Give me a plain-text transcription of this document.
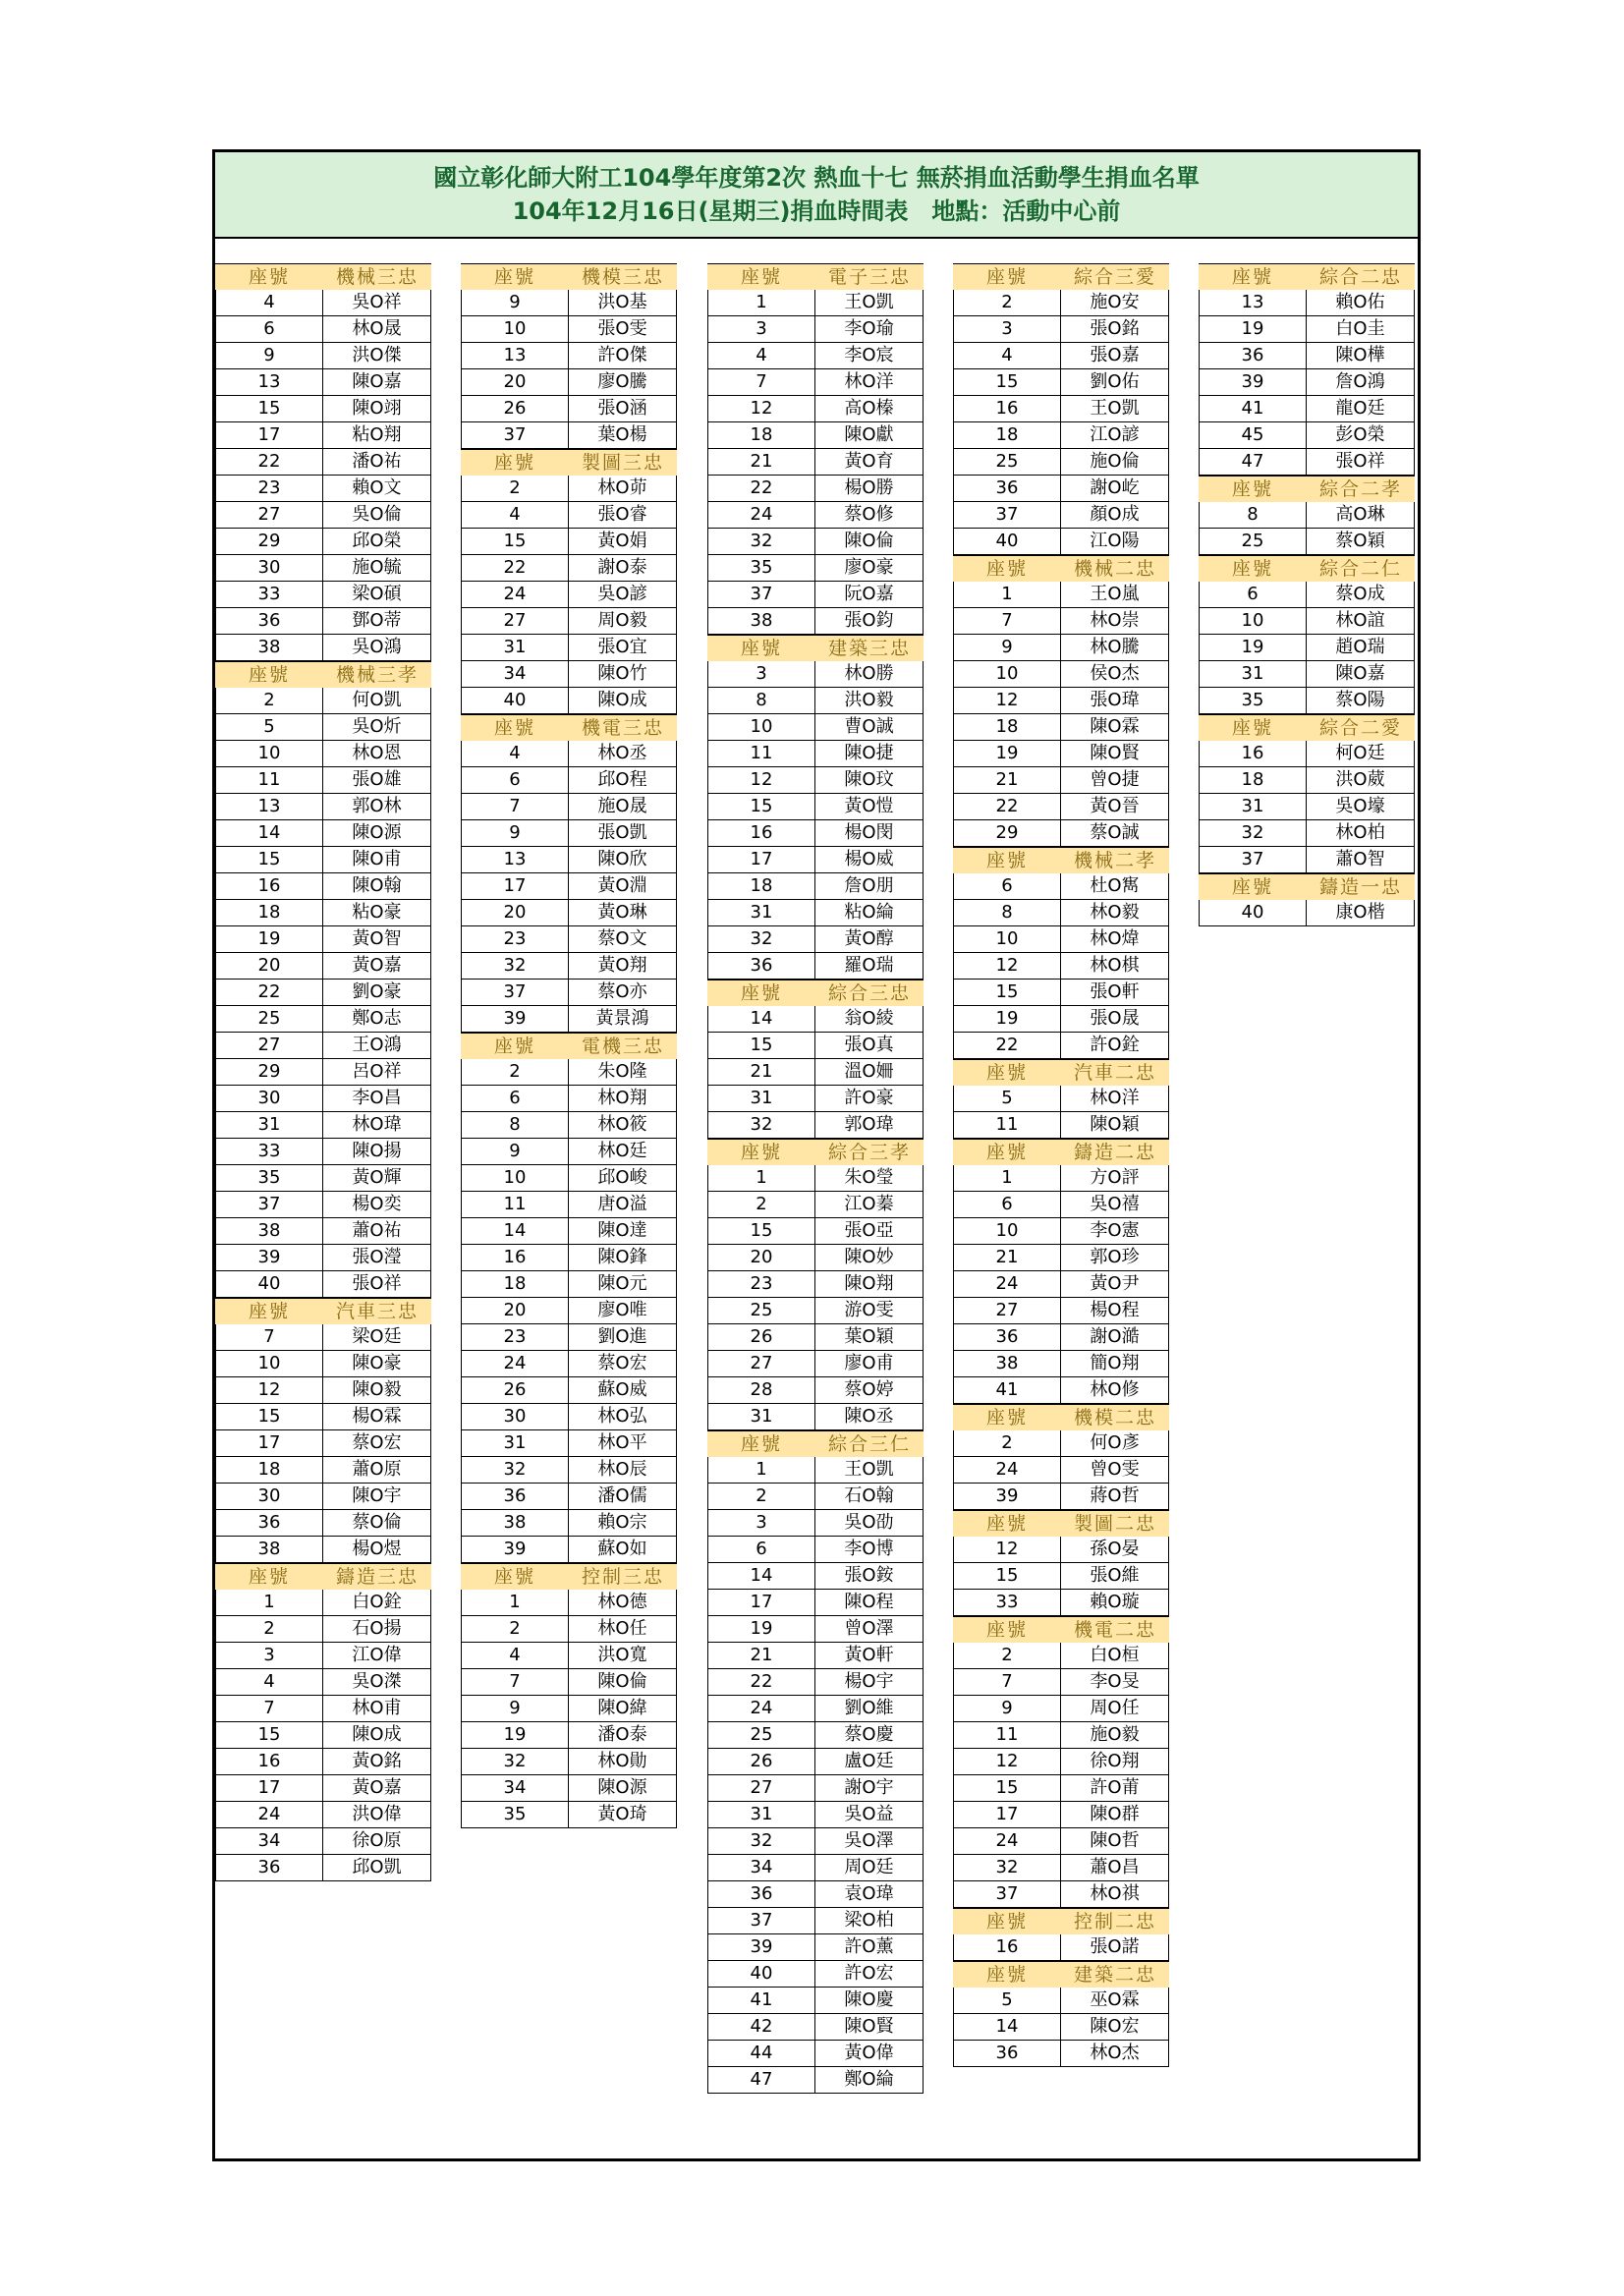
國立彰化師大附工104學年度第2次 熱血十七 無菸捐血活動學生捐血名單
104年12月16日(星期三)捐血時間表　地點：活動中心前
座號	機械三忠
4	吳O祥
6	林O晟
9	洪O傑
13	陳O嘉
15	陳O翊
17	粘O翔
22	潘O祐
23	賴O文
27	吳O倫
29	邱O榮
30	施O毓
33	梁O碩
36	鄧O蒂
38	吳O鴻
座號	機械三孝
2	何O凱
5	吳O炘
10	林O恩
11	張O雄
13	郭O林
14	陳O源
15	陳O甫
16	陳O翰
18	粘O豪
19	黃O智
20	黃O嘉
22	劉O豪
25	鄭O志
27	王O鴻
29	呂O祥
30	李O昌
31	林O瑋
33	陳O揚
35	黃O輝
37	楊O奕
38	蕭O祐
39	張O瀅
40	張O祥
座號	汽車三忠
7	梁O廷
10	陳O豪
12	陳O毅
15	楊O霖
17	蔡O宏
18	蕭O原
30	陳O宇
36	蔡O倫
38	楊O煜
座號	鑄造三忠
1	白O銓
2	石O揚
3	江O偉
4	吳O滐
7	林O甫
15	陳O成
16	黃O銘
17	黃O嘉
24	洪O偉
34	徐O原
36	邱O凱
座號	機模三忠
9	洪O基
10	張O雯
13	許O傑
20	廖O騰
26	張O涵
37	葉O楊
座號	製圖三忠
2	林O茆
4	張O睿
15	黃O娟
22	謝O泰
24	吳O諺
27	周O毅
31	張O宜
34	陳O竹
40	陳O成
座號	機電三忠
4	林O丞
6	邱O程
7	施O晟
9	張O凱
13	陳O欣
17	黃O淵
20	黃O琳
23	蔡O文
32	黃O翔
37	蔡O亦
39	黃景鴻
座號	電機三忠
2	朱O隆
6	林O翔
8	林O筱
9	林O廷
10	邱O峻
11	唐O溢
14	陳O達
16	陳O鋒
18	陳O元
20	廖O唯
23	劉O進
24	蔡O宏
26	蘇O威
30	林O弘
31	林O平
32	林O辰
36	潘O儒
38	賴O宗
39	蘇O如
座號	控制三忠
1	林O德
2	林O任
4	洪O寬
7	陳O倫
9	陳O緯
19	潘O泰
32	林O勛
34	陳O源
35	黃O琦
座號	電子三忠
1	王O凱
3	李O瑜
4	李O宸
7	林O洋
12	高O榛
18	陳O獻
21	黃O育
22	楊O勝
24	蔡O修
32	陳O倫
35	廖O豪
37	阮O嘉
38	張O鈞
座號	建築三忠
3	林O勝
8	洪O毅
10	曹O誠
11	陳O捷
12	陳O玟
15	黃O愷
16	楊O閔
17	楊O威
18	詹O朋
31	粘O綸
32	黃O醇
36	羅O瑞
座號	綜合三忠
14	翁O綾
15	張O真
21	溫O姍
31	許O豪
32	郭O瑋
座號	綜合三孝
1	朱O瑩
2	江O蓁
15	張O亞
20	陳O妙
23	陳O翔
25	游O雯
26	葉O穎
27	廖O甫
28	蔡O婷
31	陳O丞
座號	綜合三仁
1	王O凱
2	石O翰
3	吳O劭
6	李O博
14	張O銨
17	陳O程
19	曾O澤
21	黃O軒
22	楊O宇
24	劉O維
25	蔡O慶
26	盧O廷
27	謝O宇
31	吳O益
32	吳O澤
34	周O廷
36	袁O瑋
37	梁O柏
39	許O薰
40	許O宏
41	陳O慶
42	陳O賢
44	黃O偉
47	鄭O綸
座號	綜合三愛
2	施O安
3	張O銘
4	張O嘉
15	劉O佑
16	王O凱
18	江O諺
25	施O倫
36	謝O屹
37	顏O成
40	江O陽
座號	機械二忠
1	王O嵐
7	林O崇
9	林O騰
10	侯O杰
12	張O瑋
18	陳O霖
19	陳O賢
21	曾O捷
22	黃O晉
29	蔡O誠
座號	機械二孝
6	杜O寯
8	林O毅
10	林O煒
12	林O棋
15	張O軒
19	張O晟
22	許O銓
座號	汽車二忠
5	林O洋
11	陳O穎
座號	鑄造二忠
1	方O評
6	吳O禧
10	李O憲
21	郭O珍
24	黃O尹
27	楊O程
36	謝O澔
38	簡O翔
41	林O修
座號	機模二忠
2	何O彥
24	曾O雯
39	蔣O哲
座號	製圖二忠
12	孫O晏
15	張O維
33	賴O璇
座號	機電二忠
2	白O桓
7	李O旻
9	周O任
11	施O毅
12	徐O翔
15	許O莆
17	陳O群
24	陳O哲
32	蕭O昌
37	林O祺
座號	控制二忠
16	張O諾
座號	建築二忠
5	巫O霖
14	陳O宏
36	林O杰
座號	綜合二忠
13	賴O佑
19	白O圭
36	陳O樺
39	詹O鴻
41	龍O廷
45	彭O榮
47	張O祥
座號	綜合二孝
8	高O琳
25	蔡O穎
座號	綜合二仁
6	蔡O成
10	林O誼
19	趙O瑞
31	陳O嘉
35	蔡O陽
座號	綜合二愛
16	柯O廷
18	洪O葳
31	吳O壕
32	林O柏
37	蕭O智
座號	鑄造一忠
40	康O楷
